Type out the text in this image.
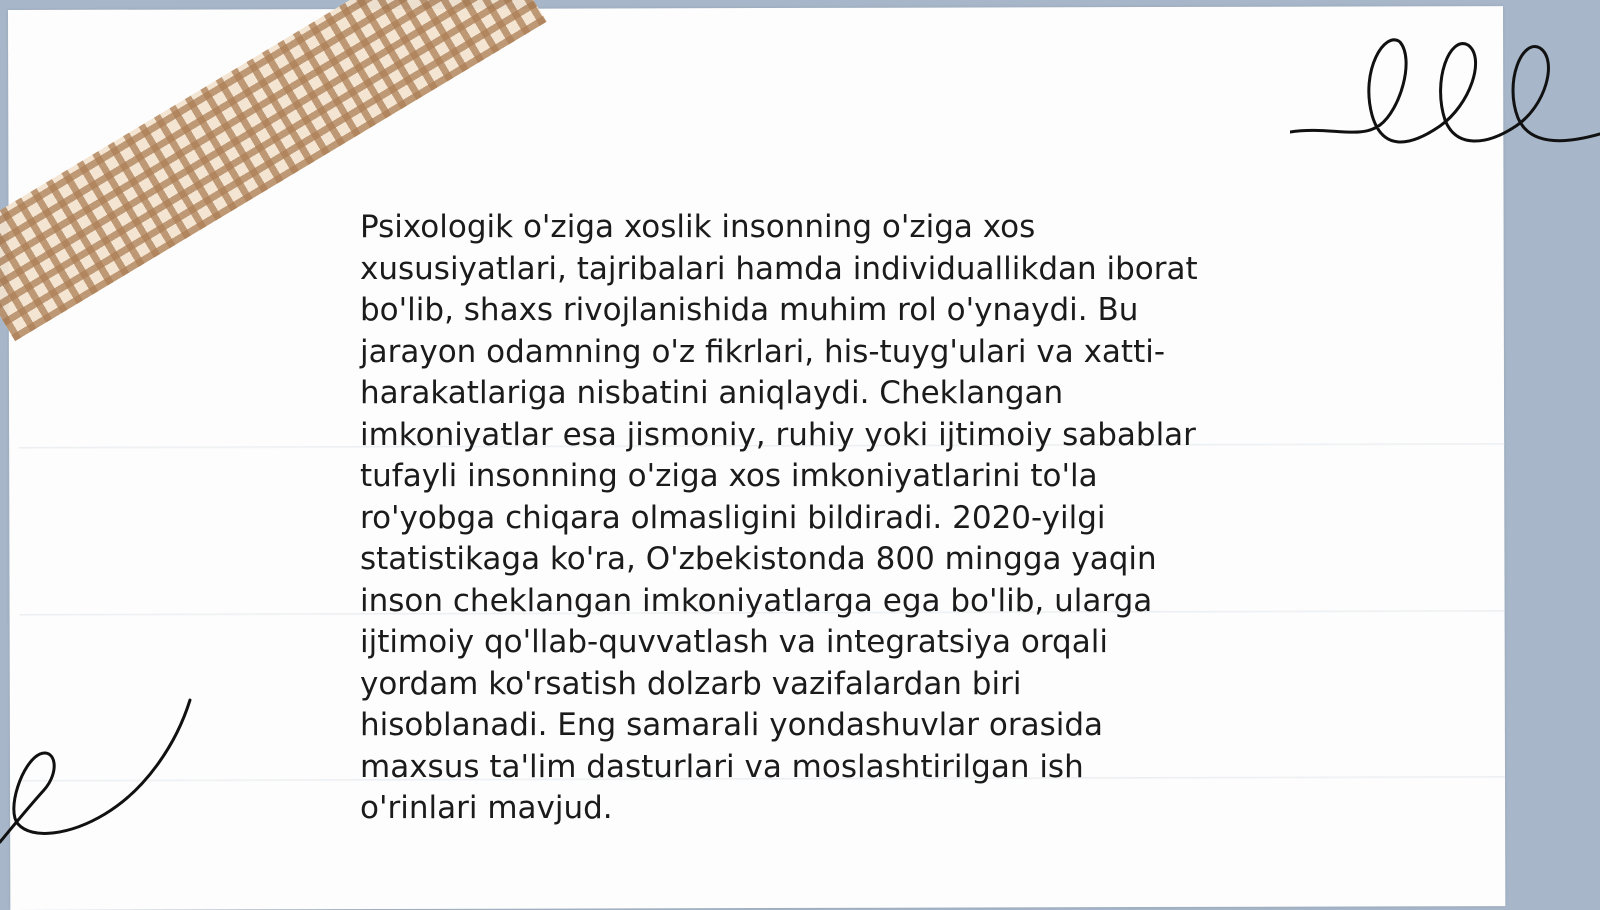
Psixologik o'ziga xoslik insonning o'ziga xos
xususiyatlari, tajribalari hamda individuallikdan iborat
bo'lib, shaxs rivojlanishida muhim rol o'ynaydi. Bu
jarayon odamning o'z fikrlari, his-tuyg'ulari va xatti-
harakatlariga nisbatini aniqlaydi. Cheklangan
imkoniyatlar esa jismoniy, ruhiy yoki ijtimoiy sabablar
tufayli insonning o'ziga xos imkoniyatlarini to'la
ro'yobga chiqara olmasligini bildiradi. 2020-yilgi
statistikaga ko'ra, O'zbekistonda 800 mingga yaqin
inson cheklangan imkoniyatlarga ega bo'lib, ularga
ijtimoiy qo'llab-quvvatlash va integratsiya orqali
yordam ko'rsatish dolzarb vazifalardan biri
hisoblanadi. Eng samarali yondashuvlar orasida
maxsus ta'lim dasturlari va moslashtirilgan ish
o'rinlari mavjud.
